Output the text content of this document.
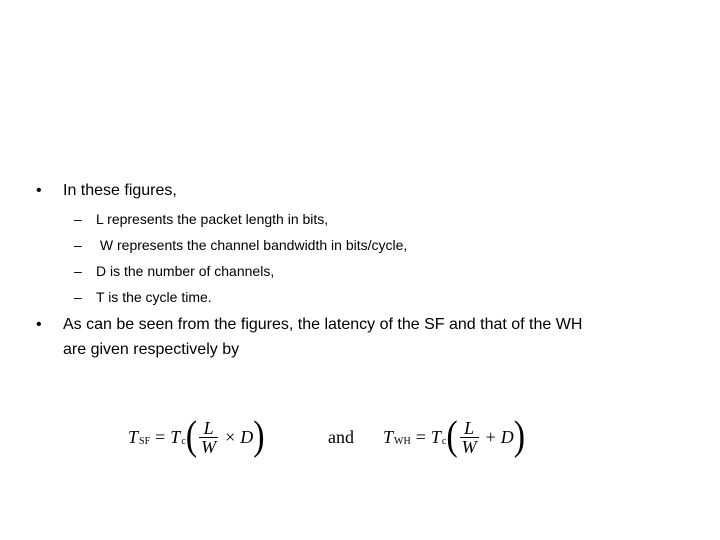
• In these figures,
– L represents the packet length in bits,
– W represents the channel bandwidth in bits/cycle,
– D is the number of channels,
– T is the cycle time.
• As can be seen from the figures, the latency of the SF and that of the WH
are given respectively by
T SF = T c ( $\frac{L}{W} \times D$ )	and T WH = T c ( $\frac{L}{W} + D$ )
